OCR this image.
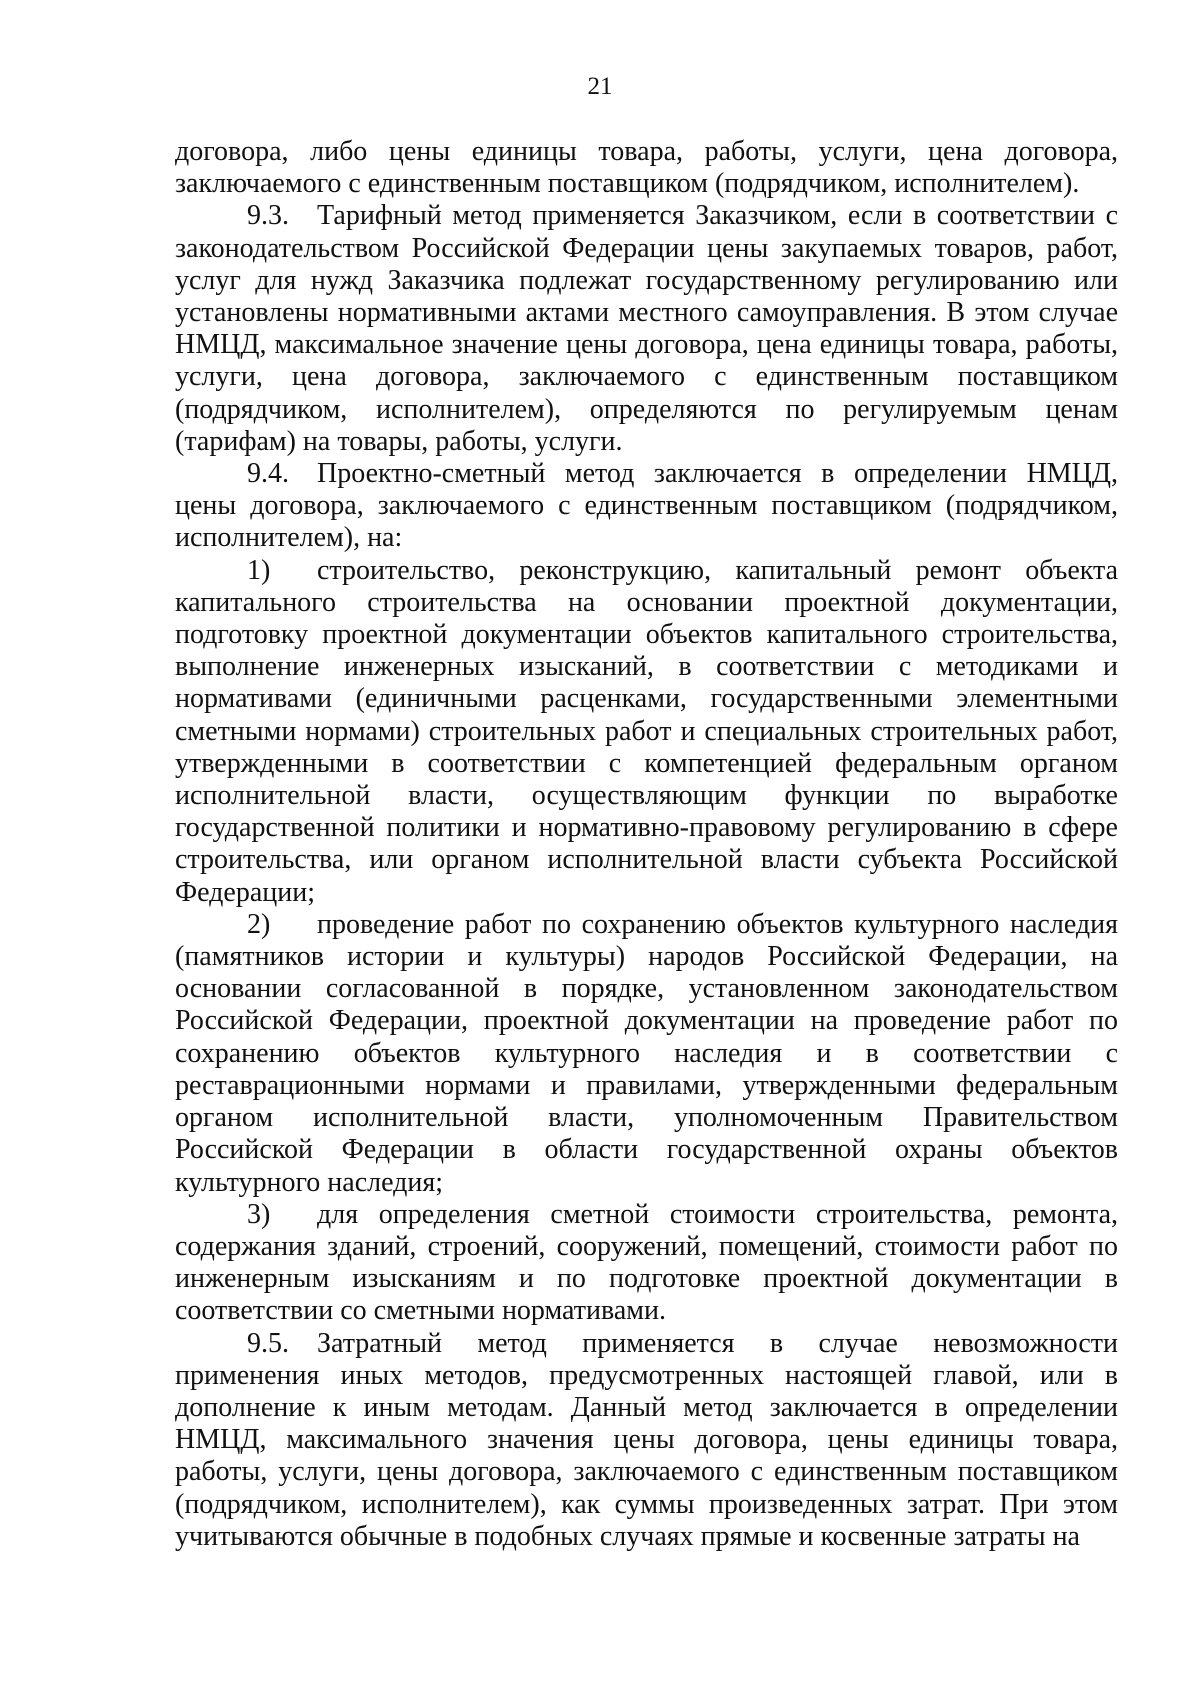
21

договора, либо цены единицы товара, работы, услуги, цена договора, заключаемого с единственным поставщиком (подрядчиком, исполнителем).

9.3. Тарифный метод применяется Заказчиком, если в соответствии с законодательством Российской Федерации цены закупаемых товаров, работ, услуг для нужд Заказчика подлежат государственному регулированию или установлены нормативными актами местного самоуправления. В этом случае НМЦД, максимальное значение цены договора, цена единицы товара, работы, услуги, цена договора, заключаемого с единственным поставщиком (подрядчиком, исполнителем), определяются по регулируемым ценам (тарифам) на товары, работы, услуги.

9.4. Проектно-сметный метод заключается в определении НМЦД, цены договора, заключаемого с единственным поставщиком (подрядчиком, исполнителем), на:

1) строительство, реконструкцию, капитальный ремонт объекта капитального строительства на основании проектной документации, подготовку проектной документации объектов капитального строительства, выполнение инженерных изысканий, в соответствии с методиками и нормативами (единичными расценками, государственными элементными сметными нормами) строительных работ и специальных строительных работ, утвержденными в соответствии с компетенцией федеральным органом исполнительной власти, осуществляющим функции по выработке государственной политики и нормативно-правовому регулированию в сфере строительства, или органом исполнительной власти субъекта Российской Федерации;

2) проведение работ по сохранению объектов культурного наследия (памятников истории и культуры) народов Российской Федерации, на основании согласованной в порядке, установленном законодательством Российской Федерации, проектной документации на проведение работ по сохранению объектов культурного наследия и в соответствии с реставрационными нормами и правилами, утвержденными федеральным органом исполнительной власти, уполномоченным Правительством Российской Федерации в области государственной охраны объектов культурного наследия;

3) для определения сметной стоимости строительства, ремонта, содержания зданий, строений, сооружений, помещений, стоимости работ по инженерным изысканиям и по подготовке проектной документации в соответствии со сметными нормативами.

9.5. Затратный метод применяется в случае невозможности применения иных методов, предусмотренных настоящей главой, или в дополнение к иным методам. Данный метод заключается в определении НМЦД, максимального значения цены договора, цены единицы товара, работы, услуги, цены договора, заключаемого с единственным поставщиком (подрядчиком, исполнителем), как суммы произведенных затрат. При этом учитываются обычные в подобных случаях прямые и косвенные затраты на
